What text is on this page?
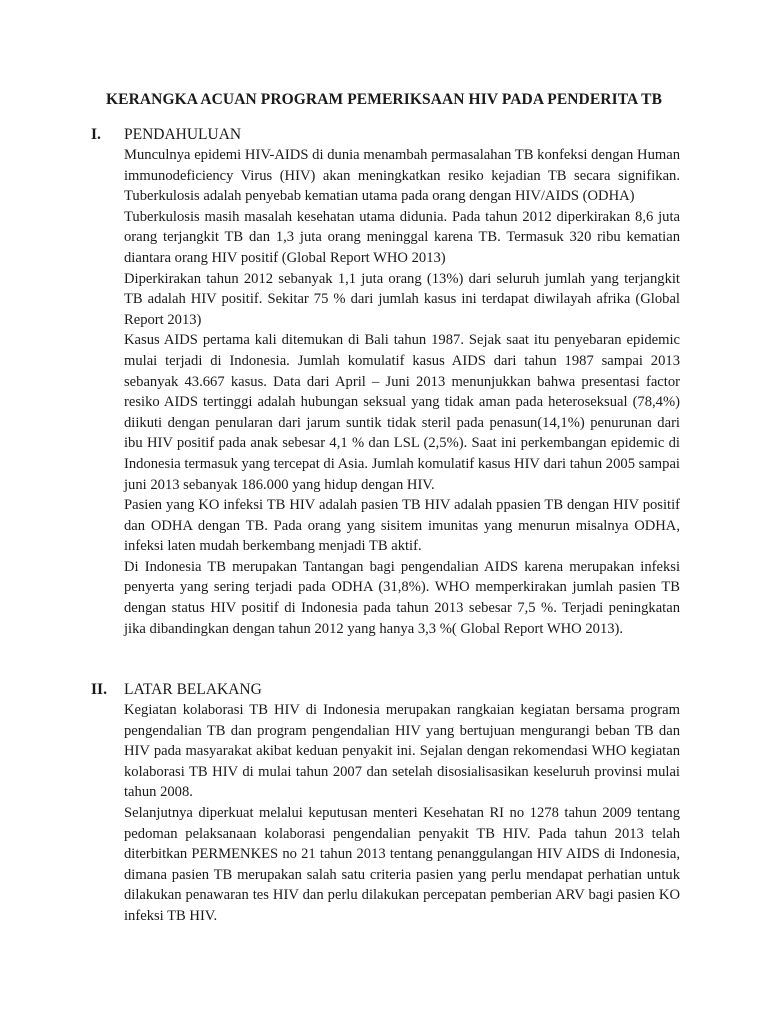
KERANGKA ACUAN PROGRAM PEMERIKSAAN HIV PADA PENDERITA TB
I.	PENDAHULUAN

Munculnya epidemi HIV-AIDS di dunia menambah permasalahan TB konfeksi dengan Human immunodeficiency Virus (HIV) akan meningkatkan resiko kejadian TB secara signifikan. Tuberkulosis adalah penyebab kematian utama pada orang dengan HIV/AIDS (ODHA)

Tuberkulosis masih masalah kesehatan utama didunia. Pada tahun 2012 diperkirakan 8,6 juta orang terjangkit TB dan 1,3 juta orang meninggal karena TB. Termasuk 320 ribu kematian diantara orang HIV positif (Global Report WHO 2013)

Diperkirakan tahun 2012 sebanyak 1,1 juta orang (13%) dari seluruh jumlah yang terjangkit TB adalah HIV positif. Sekitar 75 % dari jumlah kasus ini terdapat diwilayah afrika (Global Report 2013)

Kasus AIDS pertama kali ditemukan di Bali tahun 1987. Sejak saat itu penyebaran epidemic mulai terjadi di Indonesia. Jumlah komulatif kasus AIDS dari tahun 1987 sampai 2013 sebanyak 43.667 kasus. Data dari April – Juni 2013 menunjukkan bahwa presentasi factor resiko AIDS tertinggi adalah hubungan seksual yang tidak aman pada heteroseksual (78,4%) diikuti dengan penularan dari jarum suntik tidak steril pada penasun(14,1%) penurunan dari ibu HIV positif pada anak sebesar 4,1 % dan LSL (2,5%). Saat ini perkembangan epidemic di Indonesia termasuk yang tercepat di Asia. Jumlah komulatif kasus HIV dari tahun 2005 sampai juni 2013 sebanyak 186.000 yang hidup dengan HIV.

Pasien yang KO infeksi TB HIV adalah pasien TB HIV adalah ppasien TB dengan HIV positif dan ODHA dengan TB. Pada orang yang sisitem imunitas yang menurun misalnya ODHA, infeksi laten mudah berkembang menjadi TB aktif.

Di Indonesia TB merupakan Tantangan bagi pengendalian AIDS karena merupakan infeksi penyerta yang sering terjadi pada ODHA (31,8%). WHO memperkirakan jumlah pasien TB dengan status HIV positif di Indonesia pada tahun 2013 sebesar 7,5 %. Terjadi peningkatan jika dibandingkan dengan tahun 2012 yang hanya 3,3 %( Global Report WHO 2013).

II.	LATAR BELAKANG

Kegiatan kolaborasi TB HIV di Indonesia merupakan rangkaian kegiatan bersama program pengendalian TB dan program pengendalian HIV yang bertujuan mengurangi beban TB dan HIV pada masyarakat akibat keduan penyakit ini. Sejalan dengan rekomendasi WHO kegiatan kolaborasi TB HIV di mulai tahun 2007 dan setelah disosialisasikan keseluruh provinsi mulai tahun 2008.

Selanjutnya diperkuat melalui keputusan menteri Kesehatan RI no 1278 tahun 2009 tentang pedoman pelaksanaan kolaborasi pengendalian penyakit TB HIV. Pada tahun 2013 telah diterbitkan PERMENKES no 21 tahun 2013 tentang penanggulangan HIV AIDS di Indonesia, dimana pasien TB merupakan salah satu criteria pasien yang perlu mendapat perhatian untuk dilakukan penawaran tes HIV dan perlu dilakukan percepatan pemberian ARV bagi pasien KO infeksi TB HIV.
